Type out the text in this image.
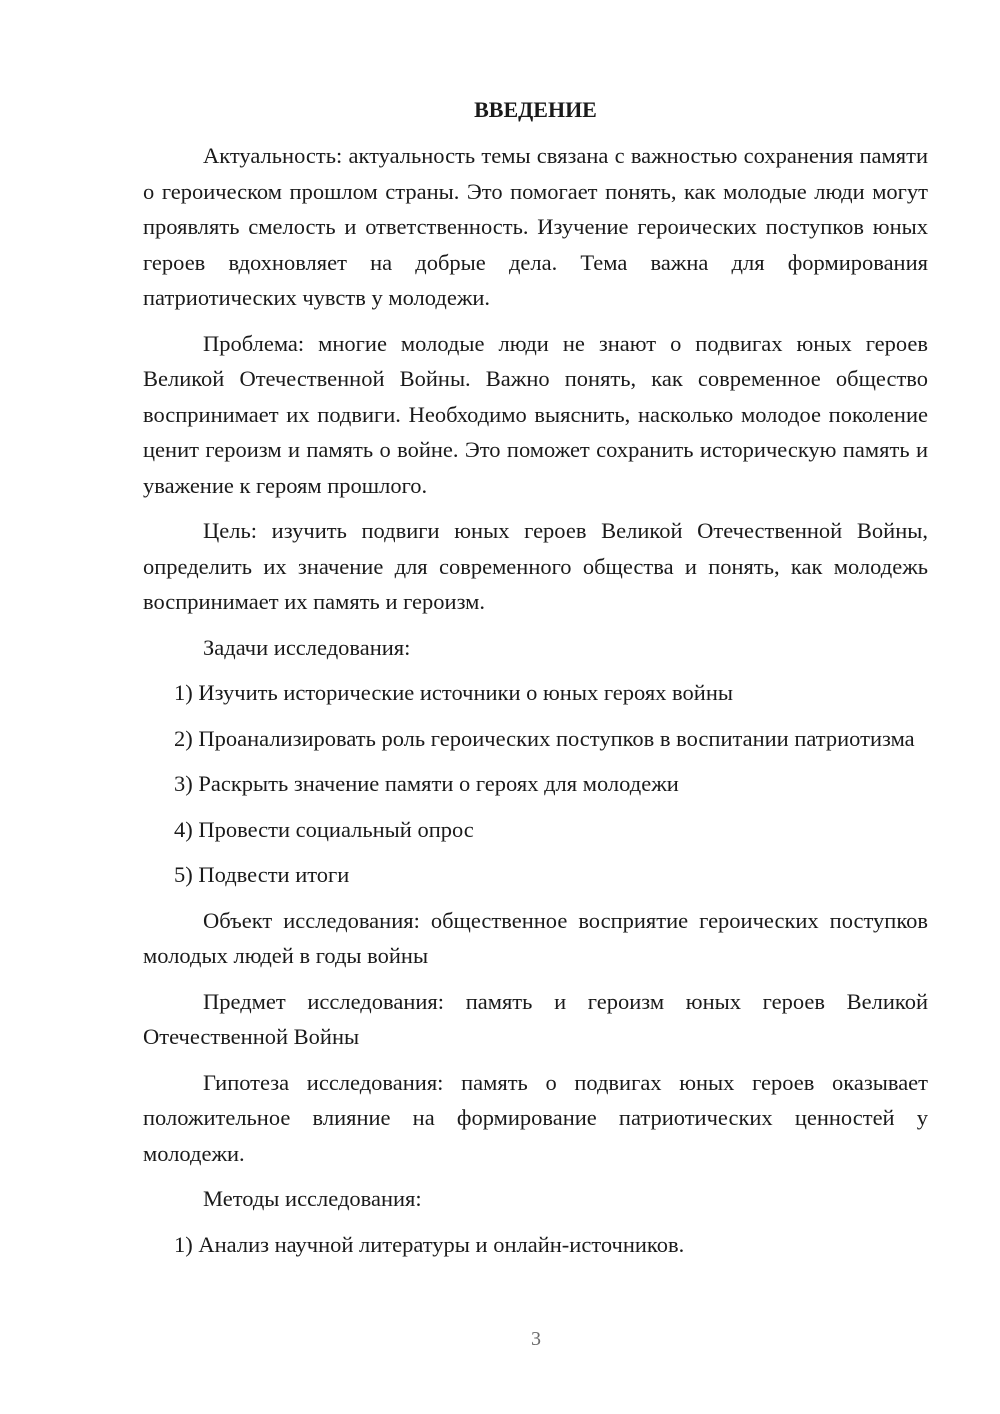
ВВЕДЕНИЕ

Актуальность: актуальность темы связана с важностью сохранения памяти о героическом прошлом страны. Это помогает понять, как молодые люди могут проявлять смелость и ответственность. Изучение героических поступков юных героев вдохновляет на добрые дела. Тема важна для формирования патриотических чувств у молодежи.

Проблема: многие молодые люди не знают о подвигах юных героев Великой Отечественной Войны. Важно понять, как современное общество воспринимает их подвиги. Необходимо выяснить, насколько молодое поколение ценит героизм и память о войне. Это поможет сохранить историческую память и уважение к героям прошлого.

Цель: изучить подвиги юных героев Великой Отечественной Войны, определить их значение для современного общества и понять, как молодежь воспринимает их память и героизм.

Задачи исследования:

1) Изучить исторические источники о юных героях войны

2) Проанализировать роль героических поступков в воспитании патриотизма

3) Раскрыть значение памяти о героях для молодежи

4) Провести социальный опрос

5) Подвести итоги

Объект исследования: общественное восприятие героических поступков молодых людей в годы войны

Предмет исследования: память и героизм юных героев Великой Отечественной Войны

Гипотеза исследования: память о подвигах юных героев оказывает положительное влияние на формирование патриотических ценностей у молодежи.

Методы исследования:

1) Анализ научной литературы и онлайн-источников.

3
